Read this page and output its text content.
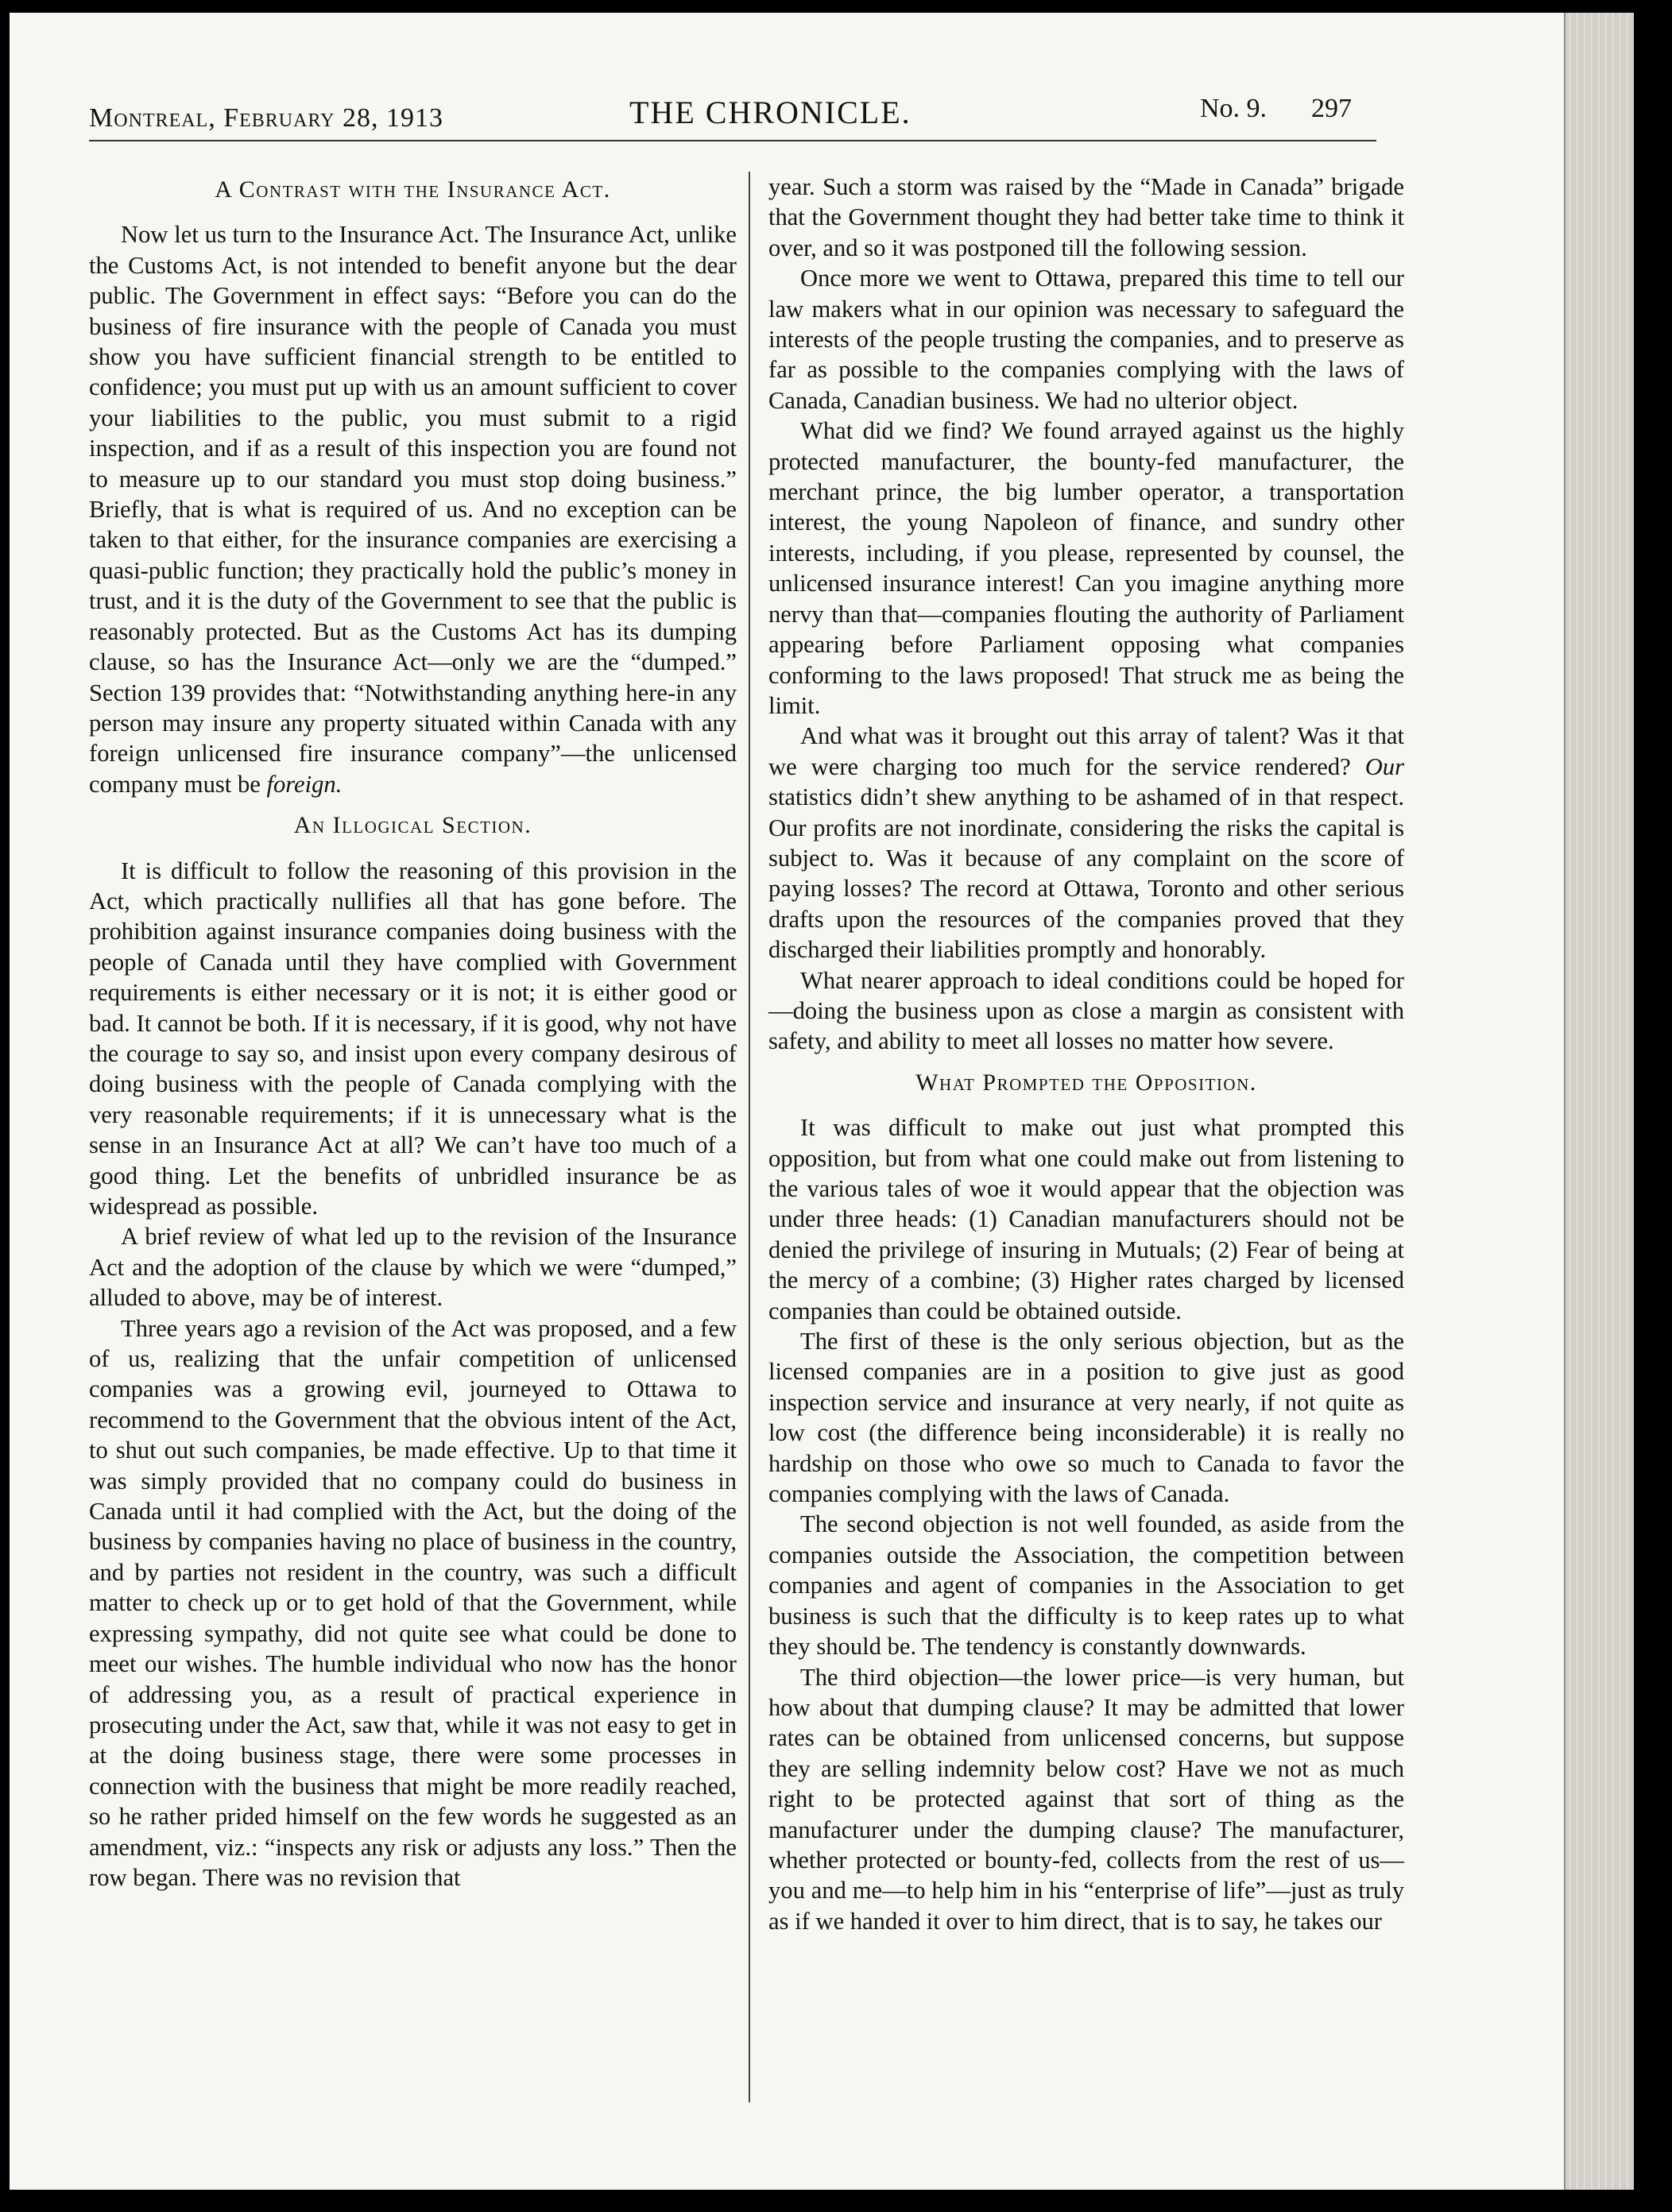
Montreal, February 28, 1913	THE CHRONICLE.	No. 9. 297
A Contrast with the Insurance Act.

Now let us turn to the Insurance Act. The Insurance Act, unlike the Customs Act, is not intended to benefit anyone but the dear public. The Government in effect says: “Before you can do the business of fire insurance with the people of Canada you must show you have sufficient financial strength to be entitled to confidence; you must put up with us an amount sufficient to cover your liabilities to the public, you must submit to a rigid inspection, and if as a result of this inspection you are found not to measure up to our standard you must stop doing business.” Briefly, that is what is required of us. And no exception can be taken to that either, for the insurance companies are exercising a quasi-public function; they practically hold the public’s money in trust, and it is the duty of the Government to see that the public is reasonably protected. But as the Customs Act has its dumping clause, so has the Insurance Act—only we are the “dumped.” Section 139 provides that: “Notwithstanding anything here-in any person may insure any property situated within Canada with any foreign unlicensed fire insurance company”—the unlicensed company must be foreign.

An Illogical Section.

It is difficult to follow the reasoning of this provision in the Act, which practically nullifies all that has gone before. The prohibition against insurance companies doing business with the people of Canada until they have complied with Government requirements is either necessary or it is not; it is either good or bad. It cannot be both. If it is necessary, if it is good, why not have the courage to say so, and insist upon every company desirous of doing business with the people of Canada complying with the very reasonable requirements; if it is unnecessary what is the sense in an Insurance Act at all? We can’t have too much of a good thing. Let the benefits of unbridled insurance be as widespread as possible.

A brief review of what led up to the revision of the Insurance Act and the adoption of the clause by which we were “dumped,” alluded to above, may be of interest.

Three years ago a revision of the Act was proposed, and a few of us, realizing that the unfair competition of unlicensed companies was a growing evil, journeyed to Ottawa to recommend to the Government that the obvious intent of the Act, to shut out such companies, be made effective. Up to that time it was simply provided that no company could do business in Canada until it had complied with the Act, but the doing of the business by companies having no place of business in the country, and by parties not resident in the country, was such a difficult matter to check up or to get hold of that the Government, while expressing sympathy, did not quite see what could be done to meet our wishes. The humble individual who now has the honor of addressing you, as a result of practical experience in prosecuting under the Act, saw that, while it was not easy to get in at the doing business stage, there were some processes in connection with the business that might be more readily reached, so he rather prided himself on the few words he suggested as an amendment, viz.: “inspects any risk or adjusts any loss.” Then the row began. There was no revision that

year. Such a storm was raised by the “Made in Canada” brigade that the Government thought they had better take time to think it over, and so it was postponed till the following session.

Once more we went to Ottawa, prepared this time to tell our law makers what in our opinion was necessary to safeguard the interests of the people trusting the companies, and to preserve as far as possible to the companies complying with the laws of Canada, Canadian business. We had no ulterior object.

What did we find? We found arrayed against us the highly protected manufacturer, the bounty-fed manufacturer, the merchant prince, the big lumber operator, a transportation interest, the young Napoleon of finance, and sundry other interests, including, if you please, represented by counsel, the unlicensed insurance interest! Can you imagine anything more nervy than that—companies flouting the authority of Parliament appearing before Parliament opposing what companies conforming to the laws proposed! That struck me as being the limit.

And what was it brought out this array of talent? Was it that we were charging too much for the service rendered? Our statistics didn’t shew anything to be ashamed of in that respect. Our profits are not inordinate, considering the risks the capital is subject to. Was it because of any complaint on the score of paying losses? The record at Ottawa, Toronto and other serious drafts upon the resources of the companies proved that they discharged their liabilities promptly and honorably.

What nearer approach to ideal conditions could be hoped for—doing the business upon as close a margin as consistent with safety, and ability to meet all losses no matter how severe.

What Prompted the Opposition.

It was difficult to make out just what prompted this opposition, but from what one could make out from listening to the various tales of woe it would appear that the objection was under three heads: (1) Canadian manufacturers should not be denied the privilege of insuring in Mutuals; (2) Fear of being at the mercy of a combine; (3) Higher rates charged by licensed companies than could be obtained outside.

The first of these is the only serious objection, but as the licensed companies are in a position to give just as good inspection service and insurance at very nearly, if not quite as low cost (the difference being inconsiderable) it is really no hardship on those who owe so much to Canada to favor the companies complying with the laws of Canada.

The second objection is not well founded, as aside from the companies outside the Association, the competition between companies and agent of companies in the Association to get business is such that the difficulty is to keep rates up to what they should be. The tendency is constantly downwards.

The third objection—the lower price—is very human, but how about that dumping clause? It may be admitted that lower rates can be obtained from unlicensed concerns, but suppose they are selling indemnity below cost? Have we not as much right to be protected against that sort of thing as the manufacturer under the dumping clause? The manufacturer, whether protected or bounty-fed, collects from the rest of us—you and me—to help him in his “enterprise of life”—just as truly as if we handed it over to him direct, that is to say, he takes our
